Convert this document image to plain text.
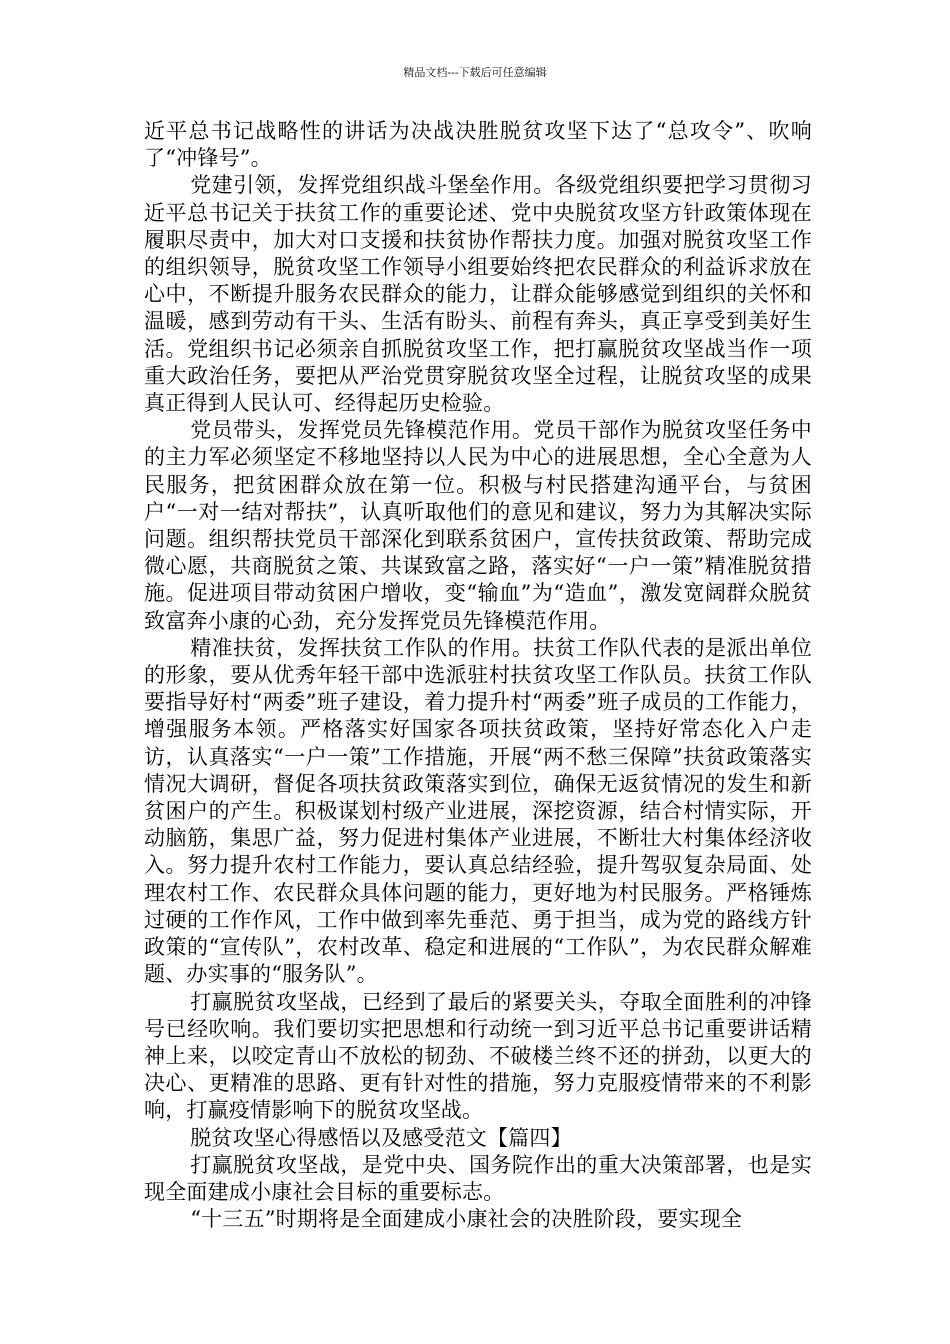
精品文档---下载后可任意编辑

近平总书记战略性的讲话为决战决胜脱贫攻坚下达了“总攻令”、吹响了“冲锋号”。

党建引领，发挥党组织战斗堡垒作用。各级党组织要把学习贯彻习近平总书记关于扶贫工作的重要论述、党中央脱贫攻坚方针政策体现在履职尽责中，加大对口支援和扶贫协作帮扶力度。加强对脱贫攻坚工作的组织领导，脱贫攻坚工作领导小组要始终把农民群众的利益诉求放在心中，不断提升服务农民群众的能力，让群众能够感觉到组织的关怀和温暖，感到劳动有干头、生活有盼头、前程有奔头，真正享受到美好生活。党组织书记必须亲自抓脱贫攻坚工作，把打赢脱贫攻坚战当作一项重大政治任务，要把从严治党贯穿脱贫攻坚全过程，让脱贫攻坚的成果真正得到人民认可、经得起历史检验。

党员带头，发挥党员先锋模范作用。党员干部作为脱贫攻坚任务中的主力军必须坚定不移地坚持以人民为中心的进展思想，全心全意为人民服务，把贫困群众放在第一位。积极与村民搭建沟通平台，与贫困户“一对一结对帮扶”，认真听取他们的意见和建议，努力为其解决实际问题。组织帮扶党员干部深化到联系贫困户，宣传扶贫政策、帮助完成微心愿，共商脱贫之策、共谋致富之路，落实好“一户一策”精准脱贫措施。促进项目带动贫困户增收，变“输血”为“造血”，激发宽阔群众脱贫致富奔小康的心劲，充分发挥党员先锋模范作用。

精准扶贫，发挥扶贫工作队的作用。扶贫工作队代表的是派出单位的形象，要从优秀年轻干部中选派驻村扶贫攻坚工作队员。扶贫工作队要指导好村“两委”班子建设，着力提升村“两委”班子成员的工作能力，增强服务本领。严格落实好国家各项扶贫政策，坚持好常态化入户走访，认真落实“一户一策”工作措施，开展“两不愁三保障”扶贫政策落实情况大调研，督促各项扶贫政策落实到位，确保无返贫情况的发生和新贫困户的产生。积极谋划村级产业进展，深挖资源，结合村情实际，开动脑筋，集思广益，努力促进村集体产业进展，不断壮大村集体经济收入。努力提升农村工作能力，要认真总结经验，提升驾驭复杂局面、处理农村工作、农民群众具体问题的能力，更好地为村民服务。严格锤炼过硬的工作作风，工作中做到率先垂范、勇于担当，成为党的路线方针政策的“宣传队”，农村改革、稳定和进展的“工作队”，为农民群众解难题、办实事的“服务队”。

打赢脱贫攻坚战，已经到了最后的紧要关头，夺取全面胜利的冲锋号已经吹响。我们要切实把思想和行动统一到习近平总书记重要讲话精神上来，以咬定青山不放松的韧劲、不破楼兰终不还的拼劲，以更大的决心、更精准的思路、更有针对性的措施，努力克服疫情带来的不利影响，打赢疫情影响下的脱贫攻坚战。

脱贫攻坚心得感悟以及感受范文【篇四】

打赢脱贫攻坚战，是党中央、国务院作出的重大决策部署，也是实现全面建成小康社会目标的重要标志。

“十三五”时期将是全面建成小康社会的决胜阶段，要实现全
